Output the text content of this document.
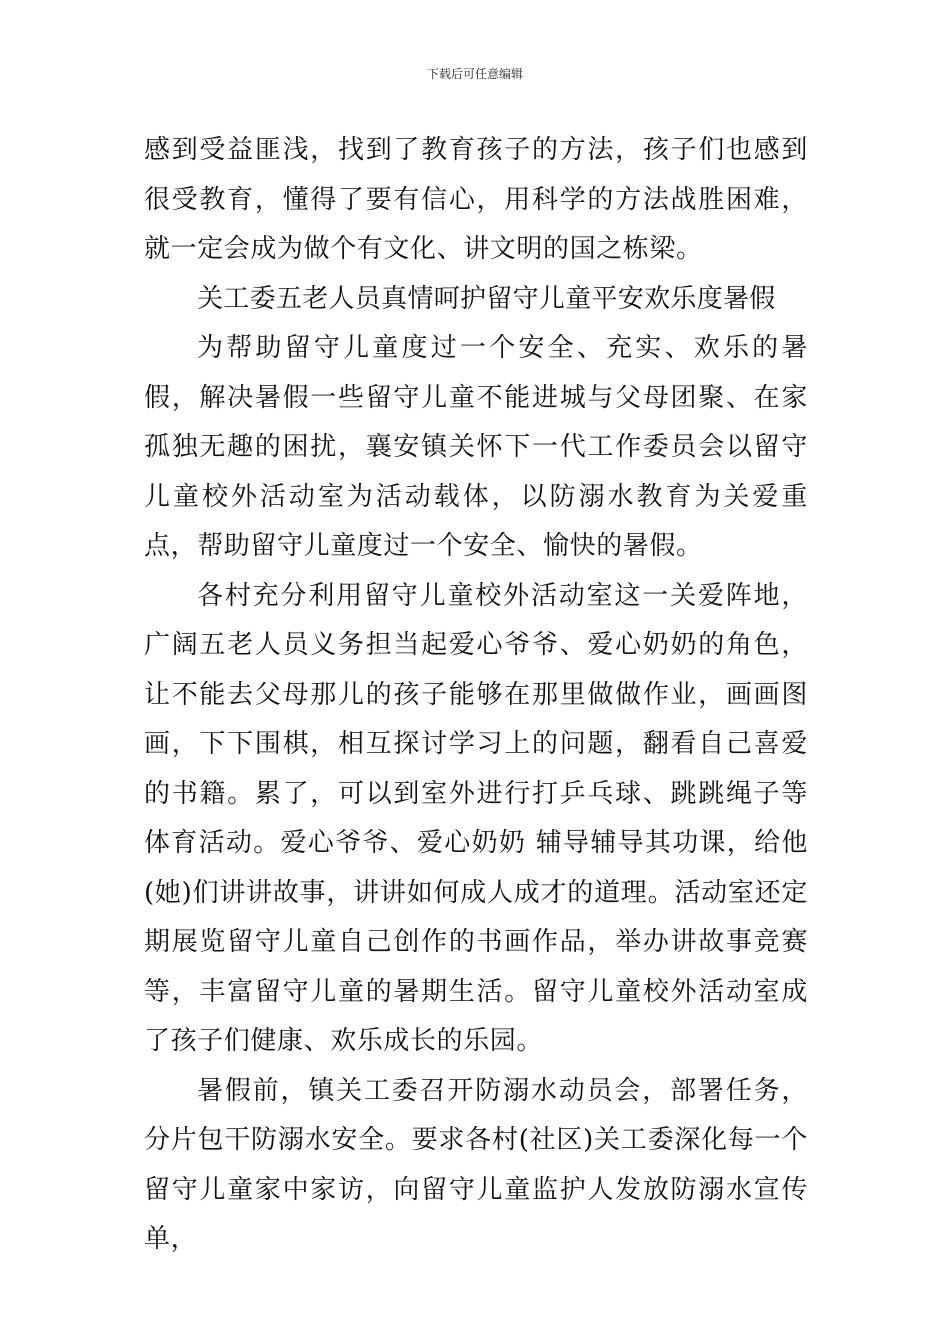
下载后可任意编辑

感到受益匪浅，找到了教育孩子的方法，孩子们也感到很受教育，懂得了要有信心，用科学的方法战胜困难，就一定会成为做个有文化、讲文明的国之栋梁。

关工委五老人员真情呵护留守儿童平安欢乐度暑假

为帮助留守儿童度过一个安全、充实、欢乐的暑假，解决暑假一些留守儿童不能进城与父母团聚、在家孤独无趣的困扰，襄安镇关怀下一代工作委员会以留守儿童校外活动室为活动载体，以防溺水教育为关爱重点，帮助留守儿童度过一个安全、愉快的暑假。

各村充分利用留守儿童校外活动室这一关爱阵地，广阔五老人员义务担当起爱心爷爷、爱心奶奶的角色，让不能去父母那儿的孩子能够在那里做做作业，画画图画，下下围棋，相互探讨学习上的问题，翻看自己喜爱的书籍。累了，可以到室外进行打乒乓球、跳跳绳子等体育活动。爱心爷爷、爱心奶奶 辅导辅导其功课，给他(她)们讲讲故事，讲讲如何成人成才的道理。活动室还定期展览留守儿童自己创作的书画作品，举办讲故事竞赛等，丰富留守儿童的暑期生活。留守儿童校外活动室成了孩子们健康、欢乐成长的乐园。

暑假前，镇关工委召开防溺水动员会，部署任务，分片包干防溺水安全。要求各村(社区)关工委深化每一个留守儿童家中家访，向留守儿童监护人发放防溺水宣传单，
